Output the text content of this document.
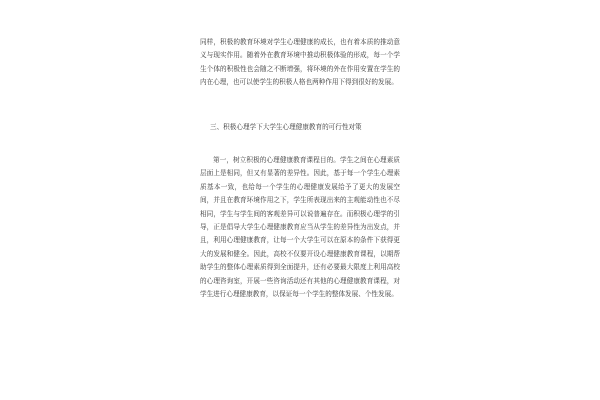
同样，积极的教育环境对学生心理健康的成长，也有着本质的推动意义与现实作用。随着外在教育环境中推动积极体验的形成，每一个学生个体的积极性也会随之不断增强，将环境的外在作用安置在学生的内在心理，也可以使学生的积极人格也两种作用下得到很好的发展。

三、积极心理学下大学生心理健康教育的可行性对策

第一，树立积极的心理健康教育课程目的。学生之间在心理素质层面上是相同，但又有显著的差异性。因此，基于每一个学生心理素质基本一致，也给每一个学生的心理健康发展给予了更大的发展空间，并且在教育环境作用之下，学生所表现出来的主观能动性也不尽相同，学生与学生间的客观差异可以说普遍存在。而积极心理学的引导，正是倡导大学生心理健康教育应当从学生的差异性为出发点，并且，利用心理健康教育，让每一个大学生可以在原本的条件下获得更大的发展和健全。因此，高校不仅要开设心理健康教育课程，以期帮助学生的整体心理素质得到全面提升，还有必要最大限度上利用高校的心理咨询室，开展一些咨询活动还有其他的心理健康教育课程，对学生进行心理健康教育，以保证每一个学生的整体发展、个性发展。
